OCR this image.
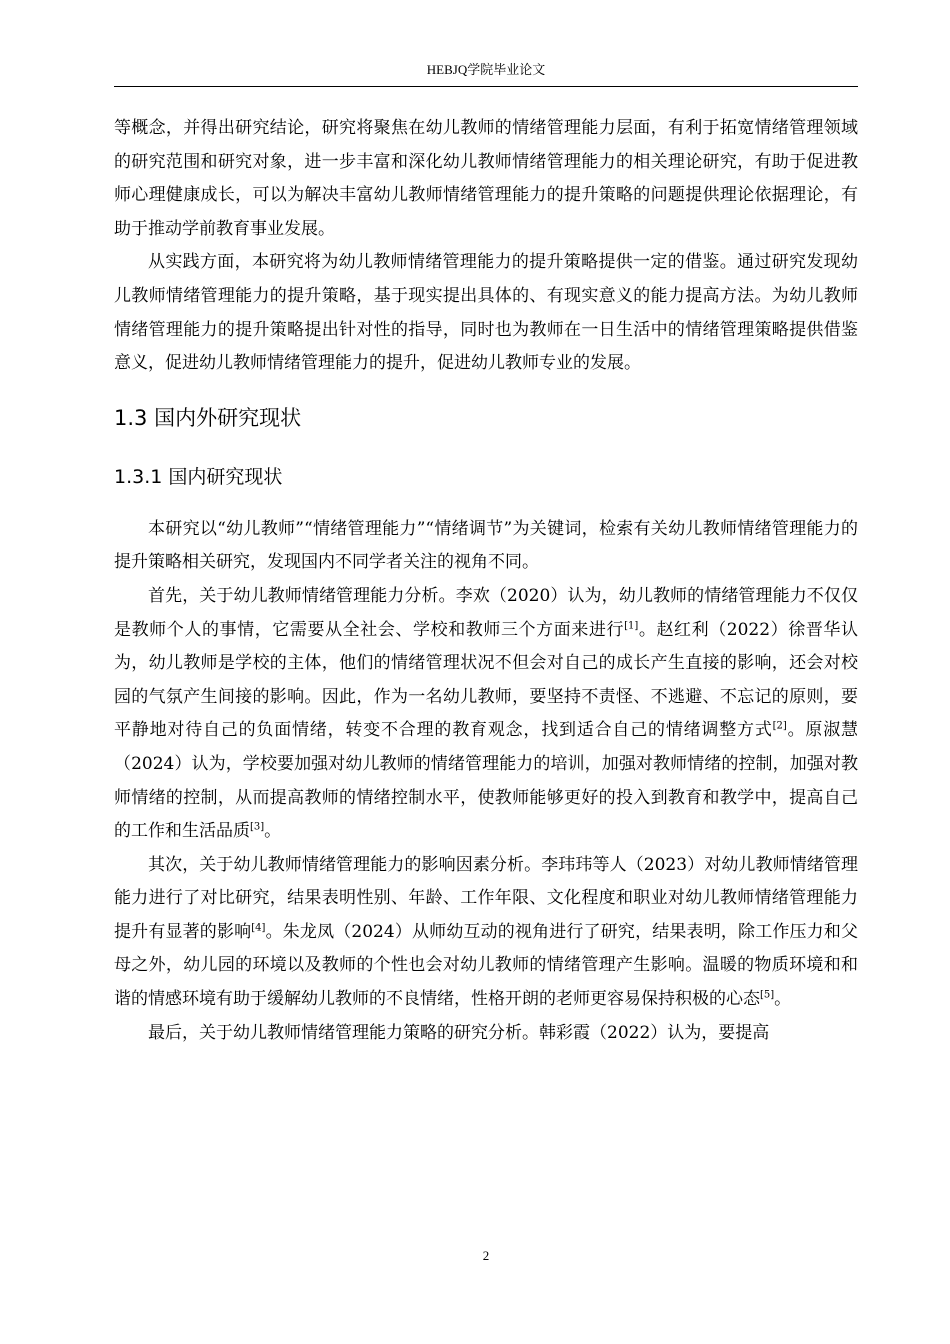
HEBJQ学院毕业论文

等概念，并得出研究结论，研究将聚焦在幼儿教师的情绪管理能力层面，有利于拓宽情绪管理领域的研究范围和研究对象，进一步丰富和深化幼儿教师情绪管理能力的相关理论研究，有助于促进教师心理健康成长，可以为解决丰富幼儿教师情绪管理能力的提升策略的问题提供理论依据理论，有助于推动学前教育事业发展。

从实践方面，本研究将为幼儿教师情绪管理能力的提升策略提供一定的借鉴。通过研究发现幼儿教师情绪管理能力的提升策略，基于现实提出具体的、有现实意义的能力提高方法。为幼儿教师情绪管理能力的提升策略提出针对性的指导，同时也为教师在一日生活中的情绪管理策略提供借鉴意义，促进幼儿教师情绪管理能力的提升，促进幼儿教师专业的发展。

1.3 国内外研究现状
1.3.1 国内研究现状

本研究以“幼儿教师”“情绪管理能力”“情绪调节”为关键词，检索有关幼儿教师情绪管理能力的提升策略相关研究，发现国内不同学者关注的视角不同。

首先，关于幼儿教师情绪管理能力分析。李欢（2020）认为，幼儿教师的情绪管理能力不仅仅是教师个人的事情，它需要从全社会、学校和教师三个方面来进行[1]。赵红利（2022）徐晋华认为，幼儿教师是学校的主体，他们的情绪管理状况不但会对自己的成长产生直接的影响，还会对校园的气氛产生间接的影响。因此，作为一名幼儿教师，要坚持不责怪、不逃避、不忘记的原则，要平静地对待自己的负面情绪，转变不合理的教育观念，找到适合自己的情绪调整方式[2]。原淑慧（2024）认为，学校要加强对幼儿教师的情绪管理能力的培训，加强对教师情绪的控制，加强对教师情绪的控制，从而提高教师的情绪控制水平，使教师能够更好的投入到教育和教学中，提高自己的工作和生活品质[3]。

其次，关于幼儿教师情绪管理能力的影响因素分析。李玮玮等人（2023）对幼儿教师情绪管理能力进行了对比研究，结果表明性别、年龄、工作年限、文化程度和职业对幼儿教师情绪管理能力提升有显著的影响[4]。朱龙凤（2024）从师幼互动的视角进行了研究，结果表明，除工作压力和父母之外，幼儿园的环境以及教师的个性也会对幼儿教师的情绪管理产生影响。温暖的物质环境和和谐的情感环境有助于缓解幼儿教师的不良情绪，性格开朗的老师更容易保持积极的心态[5]。

最后，关于幼儿教师情绪管理能力策略的研究分析。韩彩霞（2022）认为，要提高

2
